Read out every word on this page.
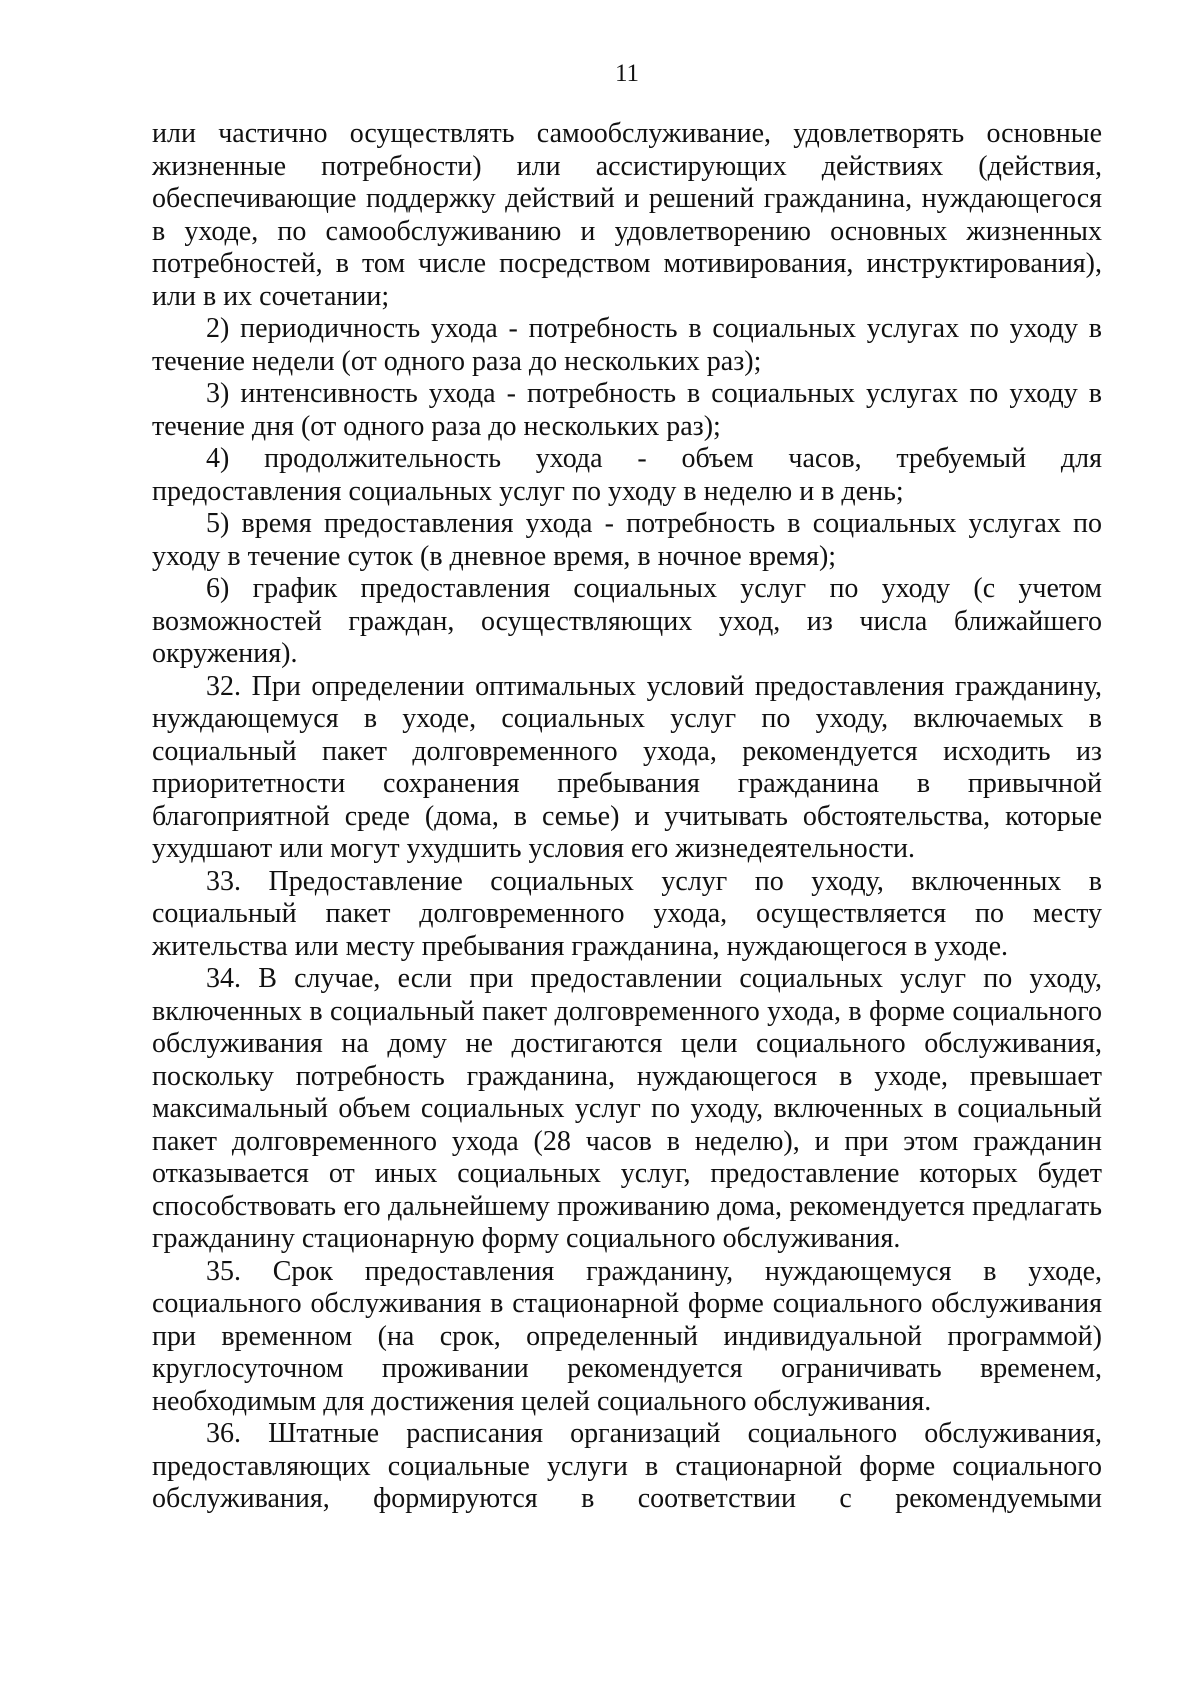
11

или частично осуществлять самообслуживание, удовлетворять основные жизненные потребности) или ассистирующих действиях (действия, обеспечивающие поддержку действий и решений гражданина, нуждающегося в уходе, по самообслуживанию и удовлетворению основных жизненных потребностей, в том числе посредством мотивирования, инструктирования), или в их сочетании;

2) периодичность ухода - потребность в социальных услугах по уходу в течение недели (от одного раза до нескольких раз);

3) интенсивность ухода - потребность в социальных услугах по уходу в течение дня (от одного раза до нескольких раз);

4) продолжительность ухода - объем часов, требуемый для предоставления социальных услуг по уходу в неделю и в день;

5) время предоставления ухода - потребность в социальных услугах по уходу в течение суток (в дневное время, в ночное время);

6) график предоставления социальных услуг по уходу (с учетом возможностей граждан, осуществляющих уход, из числа ближайшего окружения).

32. При определении оптимальных условий предоставления гражданину, нуждающемуся в уходе, социальных услуг по уходу, включаемых в социальный пакет долговременного ухода, рекомендуется исходить из приоритетности сохранения пребывания гражданина в привычной благоприятной среде (дома, в семье) и учитывать обстоятельства, которые ухудшают или могут ухудшить условия его жизнедеятельности.

33. Предоставление социальных услуг по уходу, включенных в социальный пакет долговременного ухода, осуществляется по месту жительства или месту пребывания гражданина, нуждающегося в уходе.

34. В случае, если при предоставлении социальных услуг по уходу, включенных в социальный пакет долговременного ухода, в форме социального обслуживания на дому не достигаются цели социального обслуживания, поскольку потребность гражданина, нуждающегося в уходе, превышает максимальный объем социальных услуг по уходу, включенных в социальный пакет долговременного ухода (28 часов в неделю), и при этом гражданин отказывается от иных социальных услуг, предоставление которых будет способствовать его дальнейшему проживанию дома, рекомендуется предлагать гражданину стационарную форму социального обслуживания.

35. Срок предоставления гражданину, нуждающемуся в уходе, социального обслуживания в стационарной форме социального обслуживания при временном (на срок, определенный индивидуальной программой) круглосуточном проживании рекомендуется ограничивать временем, необходимым для достижения целей социального обслуживания.

36. Штатные расписания организаций социального обслуживания, предоставляющих социальные услуги в стационарной форме социального обслуживания, формируются в соответствии с рекомендуемыми
